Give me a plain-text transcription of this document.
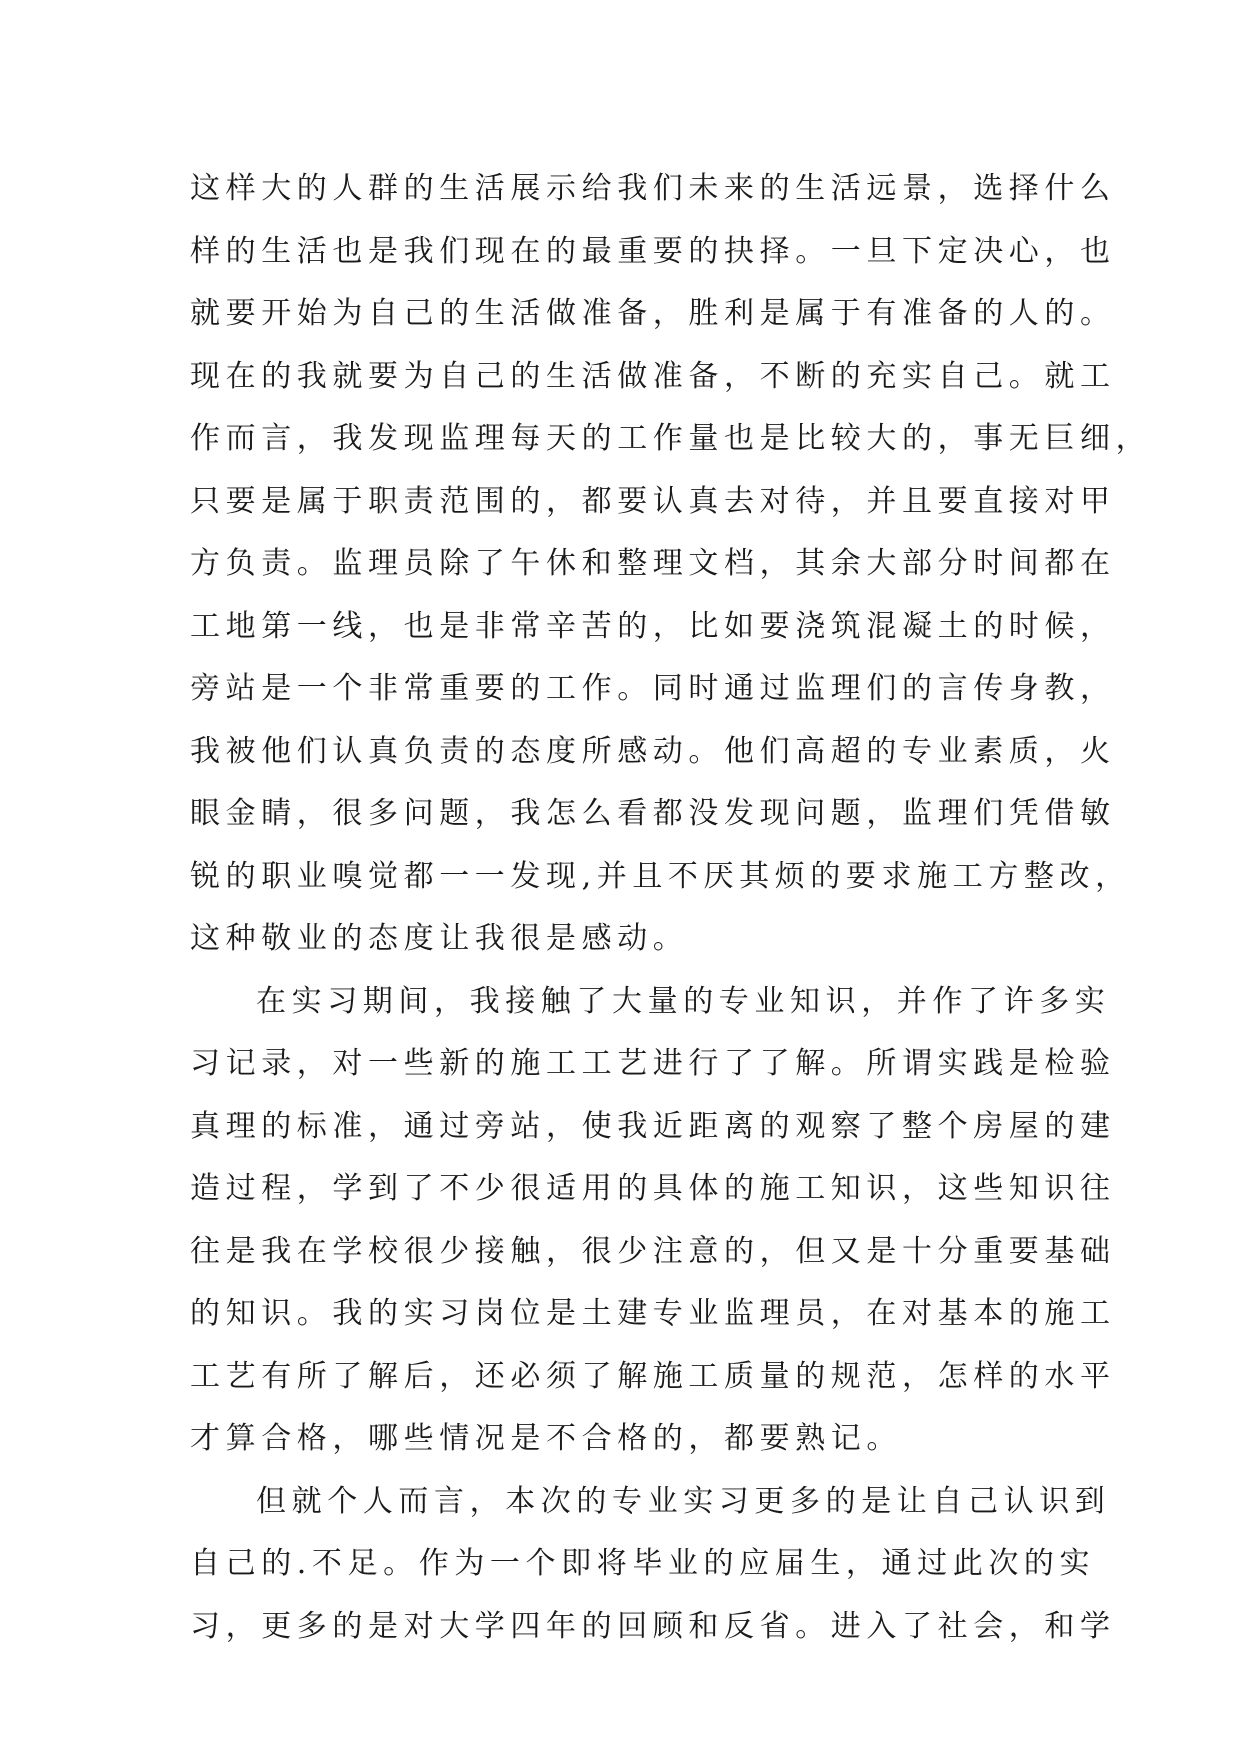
这样大的人群的生活展示给我们未来的生活远景，选择什么
样的生活也是我们现在的最重要的抉择。一旦下定决心，也
就要开始为自己的生活做准备，胜利是属于有准备的人的。
现在的我就要为自己的生活做准备，不断的充实自己。就工
作而言，我发现监理每天的工作量也是比较大的，事无巨细，
只要是属于职责范围的，都要认真去对待，并且要直接对甲
方负责。监理员除了午休和整理文档，其余大部分时间都在
工地第一线，也是非常辛苦的，比如要浇筑混凝土的时候，
旁站是一个非常重要的工作。同时通过监理们的言传身教，
我被他们认真负责的态度所感动。他们高超的专业素质，火
眼金睛，很多问题，我怎么看都没发现问题，监理们凭借敏
锐的职业嗅觉都一一发现,并且不厌其烦的要求施工方整改，
这种敬业的态度让我很是感动。
在实习期间，我接触了大量的专业知识，并作了许多实
习记录，对一些新的施工工艺进行了了解。所谓实践是检验
真理的标准，通过旁站，使我近距离的观察了整个房屋的建
造过程，学到了不少很适用的具体的施工知识，这些知识往
往是我在学校很少接触，很少注意的，但又是十分重要基础
的知识。我的实习岗位是土建专业监理员，在对基本的施工
工艺有所了解后，还必须了解施工质量的规范，怎样的水平
才算合格，哪些情况是不合格的，都要熟记。
但就个人而言，本次的专业实习更多的是让自己认识到
自己的.不足。作为一个即将毕业的应届生，通过此次的实
习，更多的是对大学四年的回顾和反省。进入了社会，和学
